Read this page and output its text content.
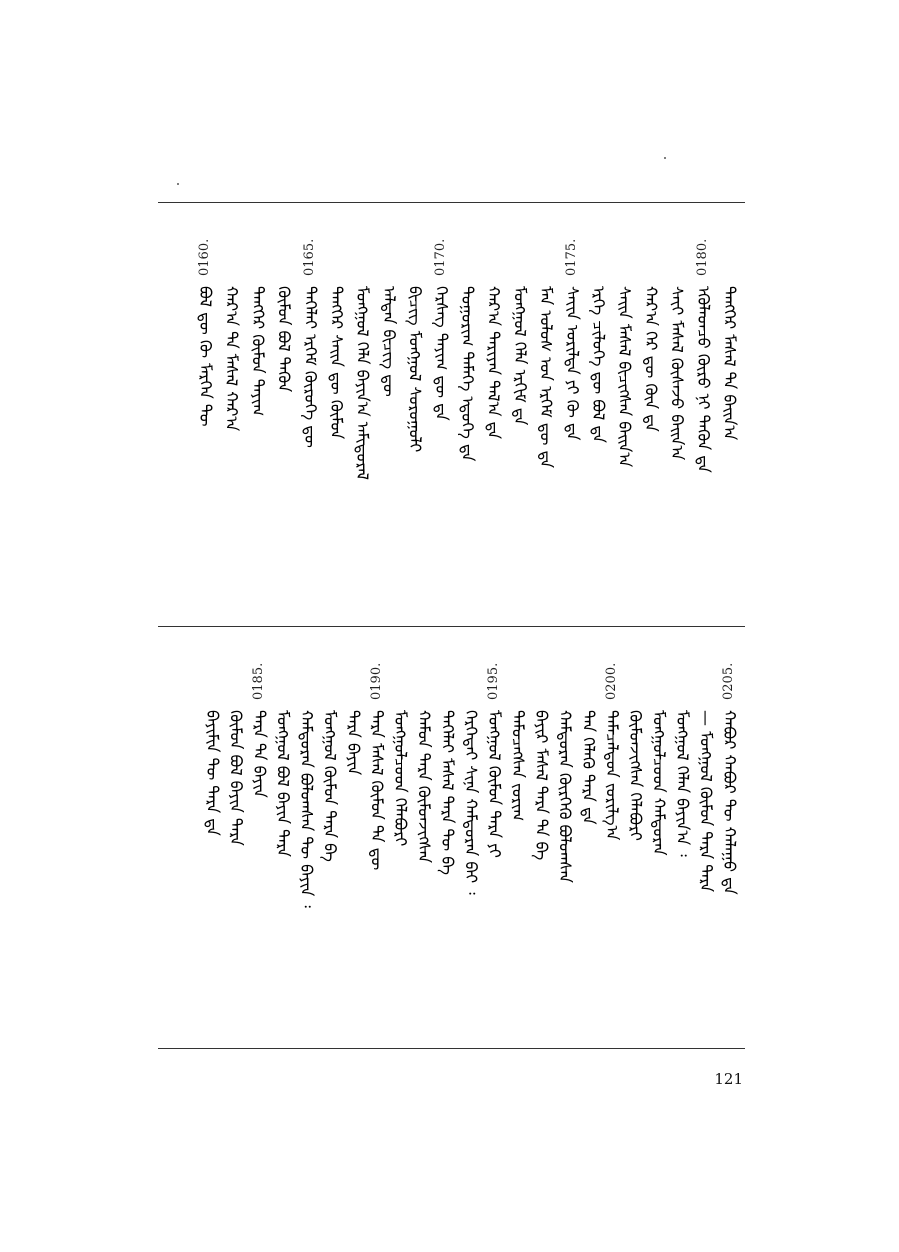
ᠲᠡᠩᠭᠡᠷ ᠮᠡᠰᠡᠯ ᠲᠠ ᠪᠠᠢᠨ᠎ᠠ
0180.
ᠡᠭᠦᠯᠡᠳᠴᠦ ᠬᠦᠷᠦ ᠨᠢ ᠲᠡᠭᠦᠨ ᠳᠡ
ᠰᠠᠶ᠋ᠢ ᠮᠡᠰᠡᠯ ᠬᠦᠰᠡᠵᠦ ᠪᠠᠢᠨ᠎ᠠ
ᠬᠠᠷ᠎ᠠ ᠭᠡᠷ ᠳᠦ ᠬᠦᠨ ᠳᠡ
ᠰᠠᠢᠨ ᠮᠡᠰᠡᠯ ᠪᠢᠴᠢᠭᠰᠡᠨ ᠪᠠᠢᠨ᠎ᠠ
ᠡᠷᠬᠡ ᠴᠢᠯᠦᠭᠡ ᠳᠦ ᠪᠣᠯ ᠳᠡ
0175.
ᠰᠠᠶ᠋ᠢᠨ ᠤᠷᠢᠯᠲᠠ ᠶᠢ ᠬᠦ ᠳᠡ
ᠮᠠᠨ ᠤᠯᠤᠰ ᠤᠨ ᠡᠷᠬᠡᠮ ᠳᠦ ᠳᠡ
ᠮᠤᠩᠭᠤᠯ ᠬᠡᠯᠡ ᠡᠷᠬᠢᠮ ᠳᠡ
ᠬᠠᠷ᠎ᠠ ᠲᠠᠷᠢᠶᠠᠨ ᠲᠠᠯ᠎ᠠ ᠳᠡ
ᠲᠣᠭᠣᠷᠢᠭ ᠲᠡᠮᠡᠭᠡ ᠡᠳᠦᠭᠡ ᠳᠡ
0170.
ᠬᠡᠷᠰᠡᠭ ᠲᠠᠶᠢᠭ ᠳᠦ ᠳᠡ
ᠪᠢᠴᠢᠭ ᠮᠣᠩᠭᠣᠯ ᠰᠤᠷᠤᠭᠤᠯᠢ
ᠠᠯᠲᠠᠨ ᠪᠢᠴᠢᠭ ᠳᠦ
ᠮᠣᠩᠭᠣᠯ ᠬᠡᠯᠡ ᠪᠠᠶᠢᠨ᠎ᠠ ᠠᠮᠢᠳᠤᠷᠠᠯ
ᠲᠡᠩᠭᠡᠷ ᠰᠠᠢᠨ ᠳᠦ ᠬᠦᠮᠦᠨ
0165.
ᠳᠡᠭᠡᠯᠡᠢ ᠡᠷᠬᠡᠮ ᠬᠦᠷᠦᠭᠡ ᠳᠦ
ᠬᠦᠮᠦᠨ ᠪᠣᠯ ᠲᠡᠭᠦᠨ
ᠲᠡᠩᠭᠡᠷ ᠬᠦᠮᠦᠨ ᠲᠠᠶᠢᠭ
ᠬᠠᠷ᠎ᠠ ᠲᠠ ᠮᠡᠰᠡᠯ ᠬᠠᠷ᠎ᠠ
0160.
ᠪᠣᠯ ᠳᠦ ᠬᠦ ᠮᠡᠷᠭᠡᠨ ᠲᠦ
0205.
ᠬᠠᠪᠤᠷ ᠬᠠᠪᠤᠷ ᠲᠦ ᠬᠠᠯᠠᠭᠤ ᠳᠡ
— ᠮᠣᠩᠭᠣᠯ ᠬᠦᠮᠦᠨ ᠲᠡᠷᠡ ᠲᠡᠷᠡ
ᠮᠣᠩᠭᠣᠯ ᠬᠡᠯᠡᠨ ᠪᠠᠶᠢᠨ᠎ᠠ ᠄
ᠮᠣᠩᠭᠣᠯᠴᠤᠳ ᠬᠠᠮᠲᠤᠷᠠᠨ
ᠬᠦᠮᠦᠨᠵᠢᠭᠰᠡᠨ ᠬᠡᠯᠡᠪᠦᠷᠢ
0200.
ᠲᠡᠮᠡᠴᠡᠯᠳᠦᠨ ᠵᠣᠷᠢᠯᠭ᠎ᠠ
ᠲᠠᠨ ᠬᠡᠯᠡᠬᠦ ᠲᠡᠷᠡ ᠳᠡ
ᠬᠠᠮᠲᠤᠷᠠᠨ ᠬᠦᠷᠭᠡᠬᠦ ᠪᠣᠯᠤᠭᠰᠠᠨ
ᠪᠠᠶᠢᠷ ᠮᠡᠰᠡᠯ ᠲᠡᠷᠡ ᠲᠠ ᠪᠠ
ᠲᠡᠮᠦᠴᠡᠭᠰᠡᠨ ᠵᠣᠷᠢᠭ
0195.
ᠮᠣᠩᠭᠣᠯ ᠬᠦᠮᠦᠨ ᠲᠡᠷᠡ ᠶᠢ
ᠬᠡᠷᠭᠡᠲᠡᠢ ᠰᠢᠨᠡ ᠬᠠᠮᠲᠤᠷᠠᠨ ᠪᠠᠢ ᠄
ᠳᠡᠭᠡᠯᠡᠢ ᠮᠡᠰᠡᠯ ᠲᠡᠷᠡ ᠲᠦ ᠪᠠ
ᠬᠠᠮᠦᠨ ᠲᠡᠷᠡ ᠬᠦᠮᠦᠨᠵᠢᠭᠰᠡᠨ
ᠮᠣᠩᠭᠣᠯᠴᠤᠳ ᠬᠡᠯᠡᠪᠦᠷᠢ
0190.
ᠲᠡᠷᠡ ᠮᠡᠰᠡᠯ ᠬᠦᠮᠦᠨ ᠲᠠ ᠳᠦ
ᠲᠡᠷᠡ ᠪᠠᠶᠢᠨ
ᠮᠣᠩᠭᠣᠯ ᠬᠦᠮᠦᠨ ᠲᠡᠷᠡ ᠪᠠ
ᠬᠠᠮᠲᠤᠷᠠᠨ ᠪᠣᠯᠤᠭᠰᠠᠨ ᠲᠦ ᠪᠠᠶᠢᠨ ᠄
ᠮᠣᠩᠭᠣᠯ ᠪᠣᠯ ᠪᠠᠶᠢᠨ ᠲᠡᠷᠡ
0185.
ᠲᠡᠷᠡ ᠲᠠ ᠪᠠᠶᠢᠨ
ᠬᠦᠮᠦᠨ ᠪᠣᠯ ᠪᠠᠶᠢᠨ ᠲᠡᠷᠡ
ᠪᠠᠶᠢᠮᠢᠨ ᠲᠦ ᠲᠡᠷᠡ ᠳᠡ
121
